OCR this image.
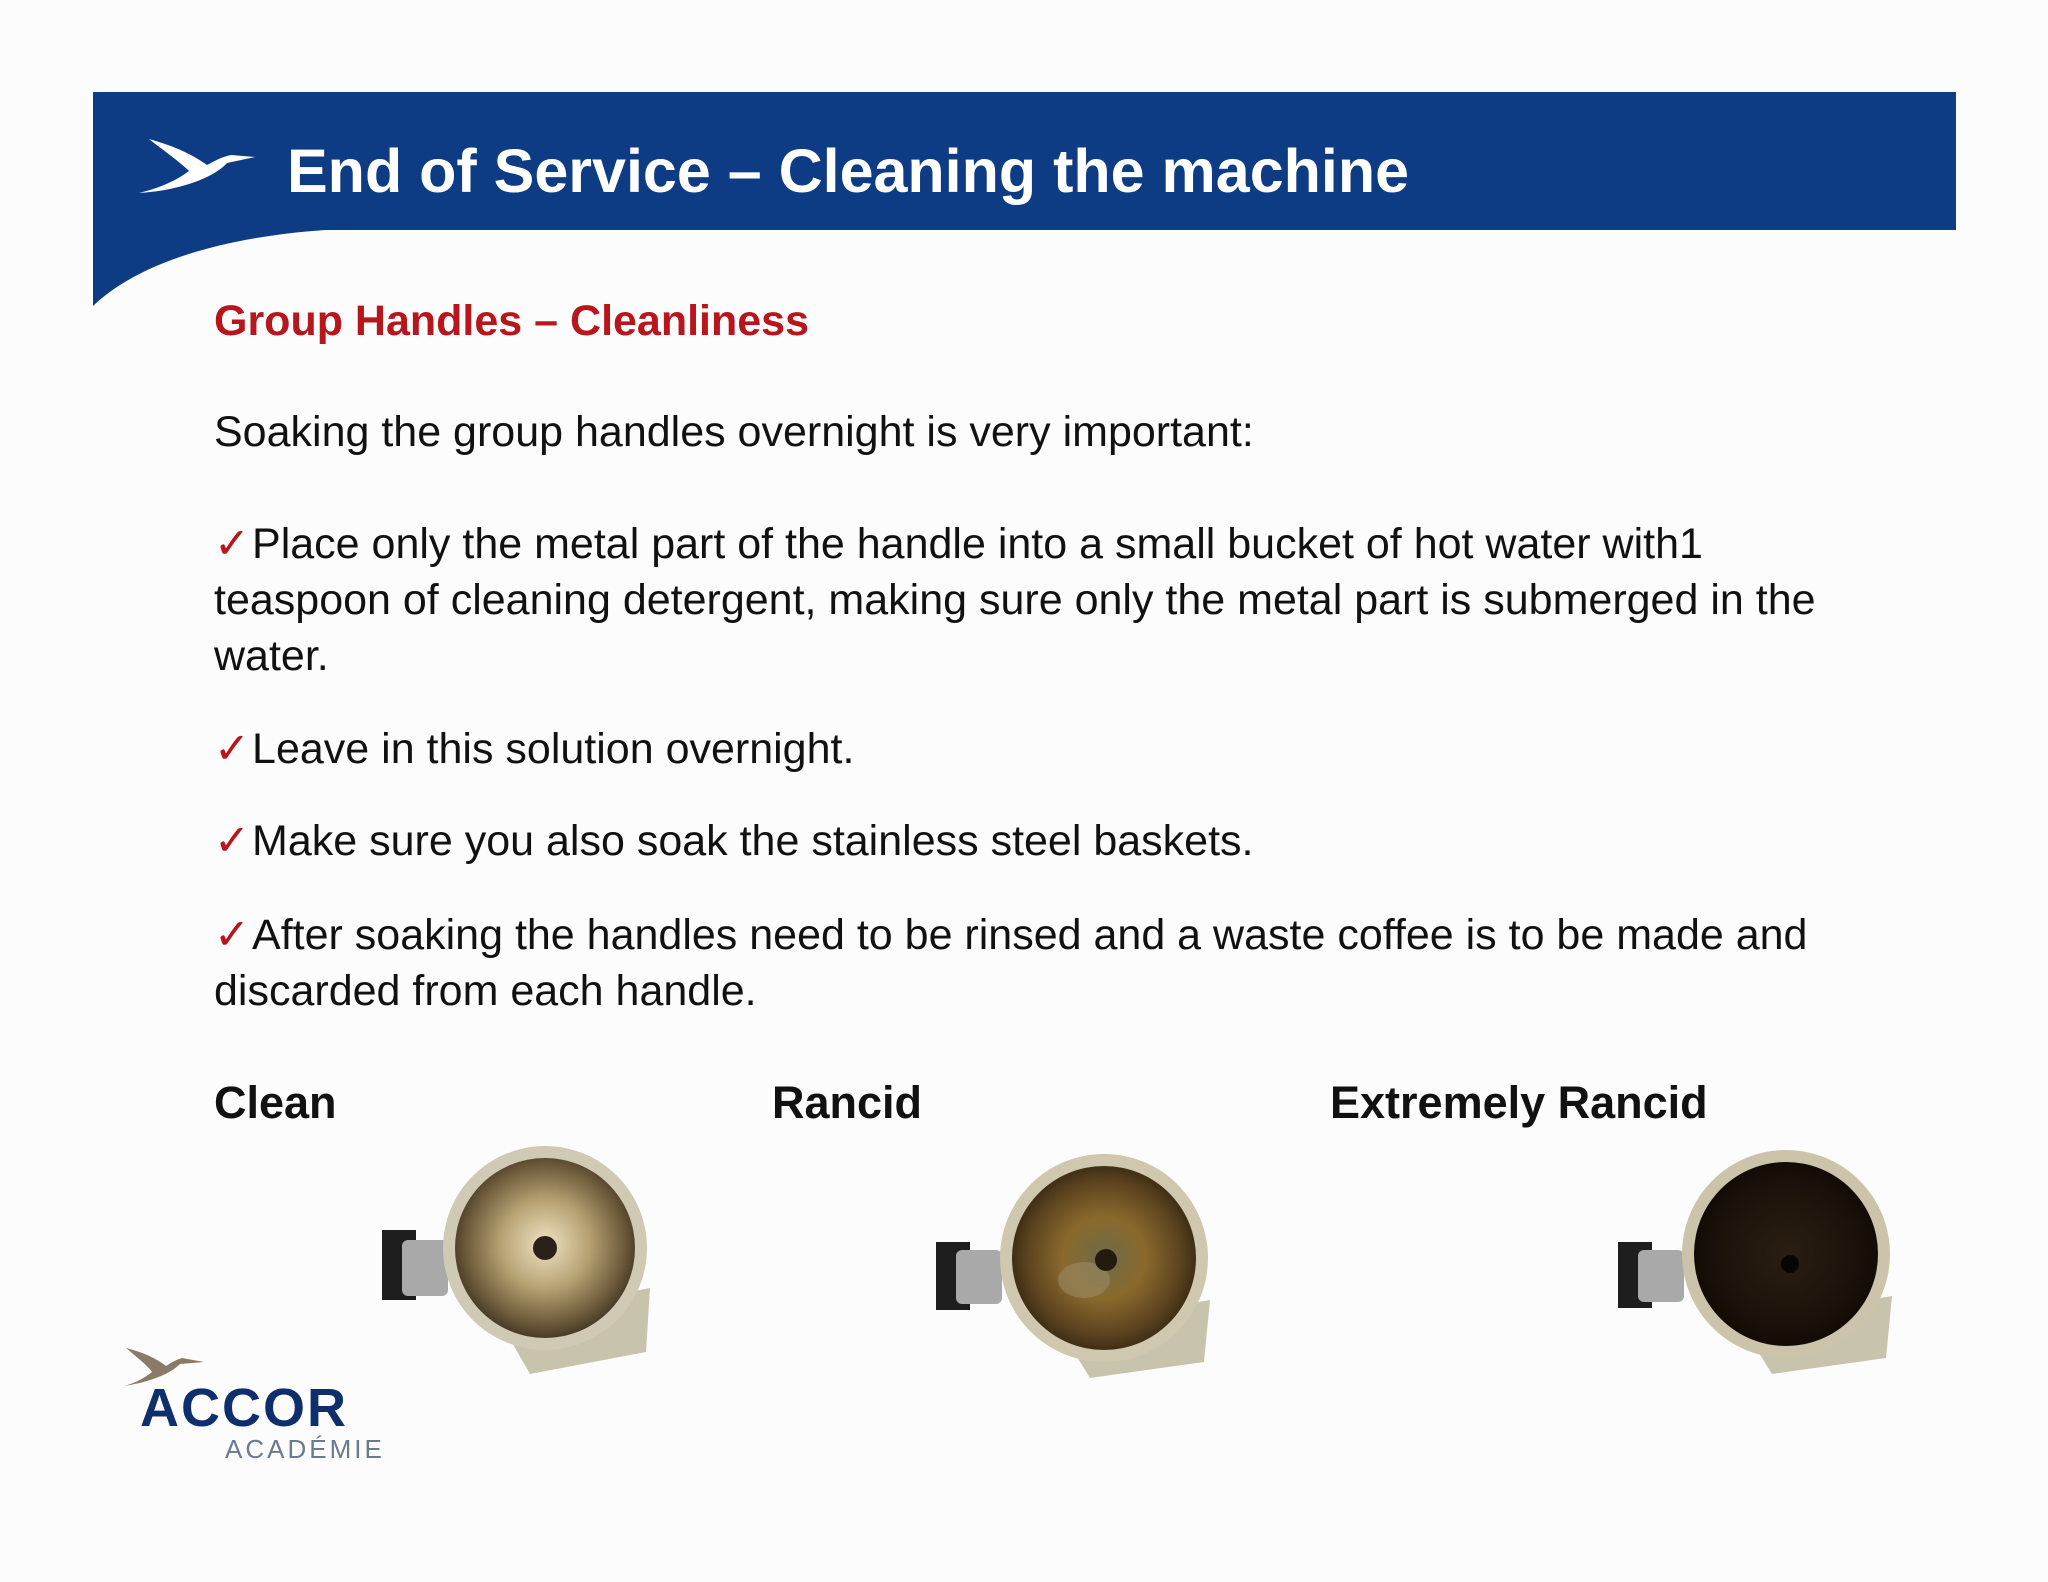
End of Service – Cleaning the machine
Group Handles – Cleanliness

Soaking the group handles overnight is very important:

✓Place only the metal part of the handle into a small bucket of hot water with1 teaspoon of cleaning detergent, making sure only the metal part is submerged in the water.

✓Leave in this solution overnight.

✓Make sure you also soak the stainless steel baskets.

✓After soaking the handles need to be rinsed and a waste coffee is to be made and discarded from each handle.

Clean	Rancid	Extremely Rancid

ACCOR

ACADÉMIE
